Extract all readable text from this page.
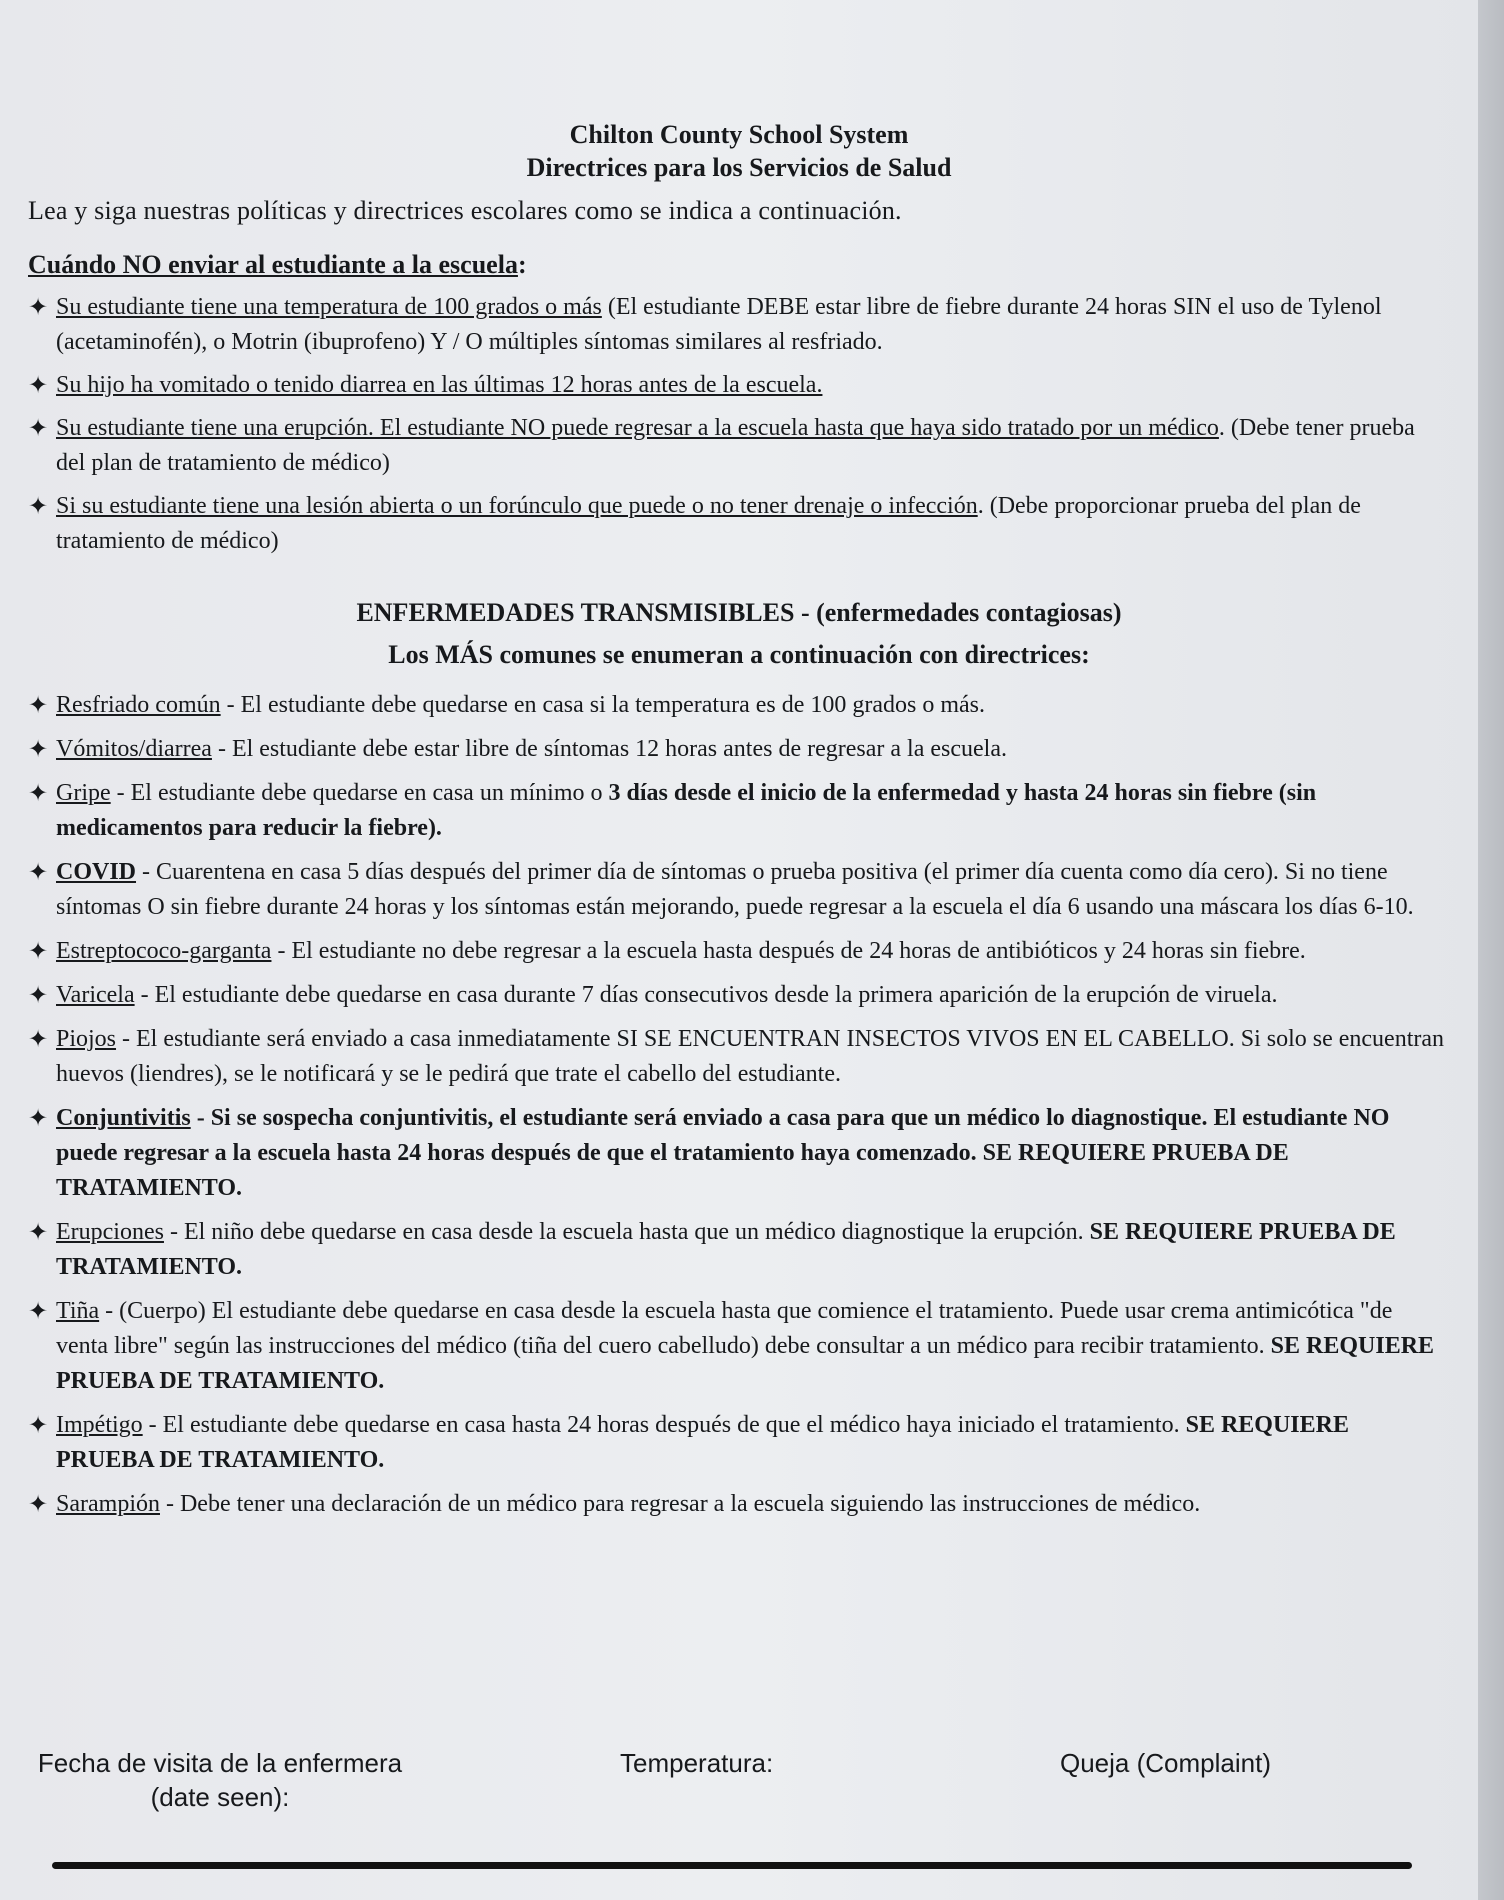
Chilton County School System
Directrices para los Servicios de Salud
Lea y siga nuestras políticas y directrices escolares como se indica a continuación.
Cuándo NO enviar al estudiante a la escuela:

✦ Su estudiante tiene una temperatura de 100 grados o más (El estudiante DEBE estar libre de fiebre durante 24 horas SIN el uso de Tylenol (acetaminofén), o Motrin (ibuprofeno) Y / O múltiples síntomas similares al resfriado.

✦ Su hijo ha vomitado o tenido diarrea en las últimas 12 horas antes de la escuela.

✦ Su estudiante tiene una erupción. El estudiante NO puede regresar a la escuela hasta que haya sido tratado por un médico. (Debe tener prueba del plan de tratamiento de médico)

✦ Si su estudiante tiene una lesión abierta o un forúnculo que puede o no tener drenaje o infección. (Debe proporcionar prueba del plan de tratamiento de médico)

ENFERMEDADES TRANSMISIBLES - (enfermedades contagiosas)
Los MÁS comunes se enumeran a continuación con directrices:

✦ Resfriado común - El estudiante debe quedarse en casa si la temperatura es de 100 grados o más.

✦ Vómitos/diarrea - El estudiante debe estar libre de síntomas 12 horas antes de regresar a la escuela.

✦ Gripe - El estudiante debe quedarse en casa un mínimo o 3 días desde el inicio de la enfermedad y hasta 24 horas sin fiebre (sin medicamentos para reducir la fiebre).

✦ COVID - Cuarentena en casa 5 días después del primer día de síntomas o prueba positiva (el primer día cuenta como día cero). Si no tiene síntomas O sin fiebre durante 24 horas y los síntomas están mejorando, puede regresar a la escuela el día 6 usando una máscara los días 6-10.

✦ Estreptococo-garganta - El estudiante no debe regresar a la escuela hasta después de 24 horas de antibióticos y 24 horas sin fiebre.

✦ Varicela - El estudiante debe quedarse en casa durante 7 días consecutivos desde la primera aparición de la erupción de viruela.

✦ Piojos - El estudiante será enviado a casa inmediatamente SI SE ENCUENTRAN INSECTOS VIVOS EN EL CABELLO. Si solo se encuentran huevos (liendres), se le notificará y se le pedirá que trate el cabello del estudiante.

✦ Conjuntivitis - Si se sospecha conjuntivitis, el estudiante será enviado a casa para que un médico lo diagnostique. El estudiante NO puede regresar a la escuela hasta 24 horas después de que el tratamiento haya comenzado. SE REQUIERE PRUEBA DE TRATAMIENTO.

✦ Erupciones - El niño debe quedarse en casa desde la escuela hasta que un médico diagnostique la erupción. SE REQUIERE PRUEBA DE TRATAMIENTO.

✦ Tiña - (Cuerpo) El estudiante debe quedarse en casa desde la escuela hasta que comience el tratamiento. Puede usar crema antimicótica "de venta libre" según las instrucciones del médico (tiña del cuero cabelludo) debe consultar a un médico para recibir tratamiento. SE REQUIERE PRUEBA DE TRATAMIENTO.

✦ Impétigo - El estudiante debe quedarse en casa hasta 24 horas después de que el médico haya iniciado el tratamiento. SE REQUIERE PRUEBA DE TRATAMIENTO.

✦ Sarampión - Debe tener una declaración de un médico para regresar a la escuela siguiendo las instrucciones de médico.

Fecha de visita de la enfermera
(date seen):
Temperatura:	Queja (Complaint)
